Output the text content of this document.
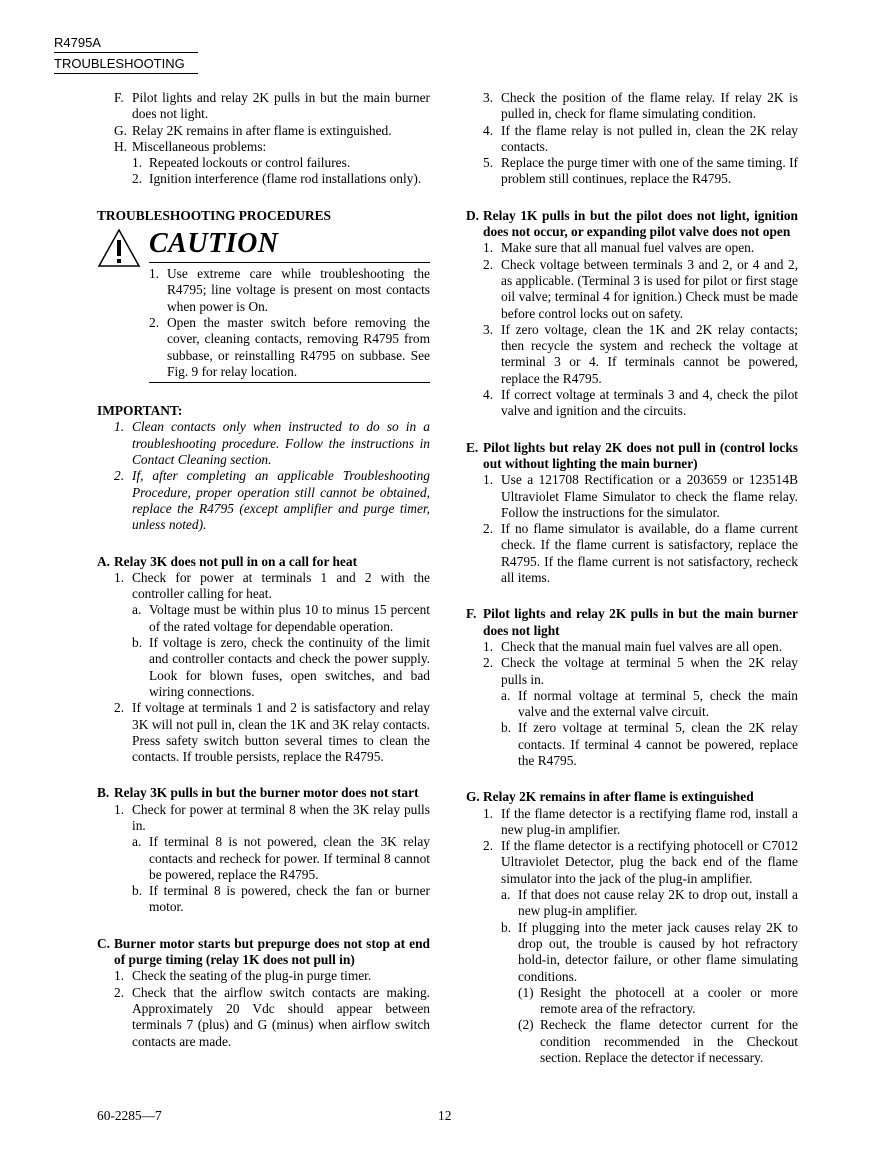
R4795A
TROUBLESHOOTING
F. Pilot lights and relay 2K pulls in but the main burner does not light.
G. Relay 2K remains in after flame is extinguished.
H. Miscellaneous problems:
1. Repeated lockouts or control failures.
2. Ignition interference (flame rod installations only).

TROUBLESHOOTING PROCEDURES

CAUTION
1. Use extreme care while troubleshooting the R4795; line voltage is present on most contacts when power is On.
2. Open the master switch before removing the cover, cleaning contacts, removing R4795 from subbase, or reinstalling R4795 on subbase. See Fig. 9 for relay location.

IMPORTANT:

1. Clean contacts only when instructed to do so in a troubleshooting procedure. Follow the instructions in Contact Cleaning section.
2. If, after completing an applicable Troubleshooting Procedure, proper operation still cannot be obtained, replace the R4795 (except amplifier and purge timer, unless noted).
A. Relay 3K does not pull in on a call for heat
1. Check for power at terminals 1 and 2 with the controller calling for heat.
a. Voltage must be within plus 10 to minus 15 percent of the rated voltage for dependable operation.
b. If voltage is zero, check the continuity of the limit and controller contacts and check the power supply. Look for blown fuses, open switches, and bad wiring connections.
2. If voltage at terminals 1 and 2 is satisfactory and relay 3K will not pull in, clean the 1K and 3K relay contacts. Press safety switch button several times to clean the contacts. If trouble persists, replace the R4795.
B. Relay 3K pulls in but the burner motor does not start
1. Check for power at terminal 8 when the 3K relay pulls in.
a. If terminal 8 is not powered, clean the 3K relay contacts and recheck for power. If terminal 8 cannot be powered, replace the R4795.
b. If terminal 8 is powered, check the fan or burner motor.
C. Burner motor starts but prepurge does not stop at end of purge timing (relay 1K does not pull in)
1. Check the seating of the plug-in purge timer.
2. Check that the airflow switch contacts are making. Approximately 20 Vdc should appear between terminals 7 (plus) and G (minus) when airflow switch contacts are made.
3. Check the position of the flame relay. If relay 2K is pulled in, check for flame simulating condition.
4. If the flame relay is not pulled in, clean the 2K relay contacts.
5. Replace the purge timer with one of the same timing. If problem still continues, replace the R4795.
D. Relay 1K pulls in but the pilot does not light, ignition does not occur, or expanding pilot valve does not open
1. Make sure that all manual fuel valves are open.
2. Check voltage between terminals 3 and 2, or 4 and 2, as applicable. (Terminal 3 is used for pilot or first stage oil valve; terminal 4 for ignition.) Check must be made before control locks out on safety.
3. If zero voltage, clean the 1K and 2K relay contacts; then recycle the system and recheck the voltage at terminal 3 or 4. If terminals cannot be powered, replace the R4795.
4. If correct voltage at terminals 3 and 4, check the pilot valve and ignition and the circuits.
E. Pilot lights but relay 2K does not pull in (control locks out without lighting the main burner)
1. Use a 121708 Rectification or a 203659 or 123514B Ultraviolet Flame Simulator to check the flame relay. Follow the instructions for the simulator.
2. If no flame simulator is available, do a flame current check. If the flame current is satisfactory, replace the R4795. If the flame current is not satisfactory, recheck all items.
F. Pilot lights and relay 2K pulls in but the main burner does not light
1. Check that the manual main fuel valves are all open.
2. Check the voltage at terminal 5 when the 2K relay pulls in.
a. If normal voltage at terminal 5, check the main valve and the external valve circuit.
b. If zero voltage at terminal 5, clean the 2K relay contacts. If terminal 4 cannot be powered, replace the R4795.
G. Relay 2K remains in after flame is extinguished
1. If the flame detector is a rectifying flame rod, install a new plug-in amplifier.
2. If the flame detector is a rectifying photocell or C7012 Ultraviolet Detector, plug the back end of the flame simulator into the jack of the plug-in amplifier.
a. If that does not cause relay 2K to drop out, install a new plug-in amplifier.
b. If plugging into the meter jack causes relay 2K to drop out, the trouble is caused by hot refractory hold-in, detector failure, or other flame simulating conditions.
(1) Resight the photocell at a cooler or more remote area of the refractory.
(2) Recheck the flame detector current for the condition recommended in the Checkout section. Replace the detector if necessary.
60-2285—7	12
